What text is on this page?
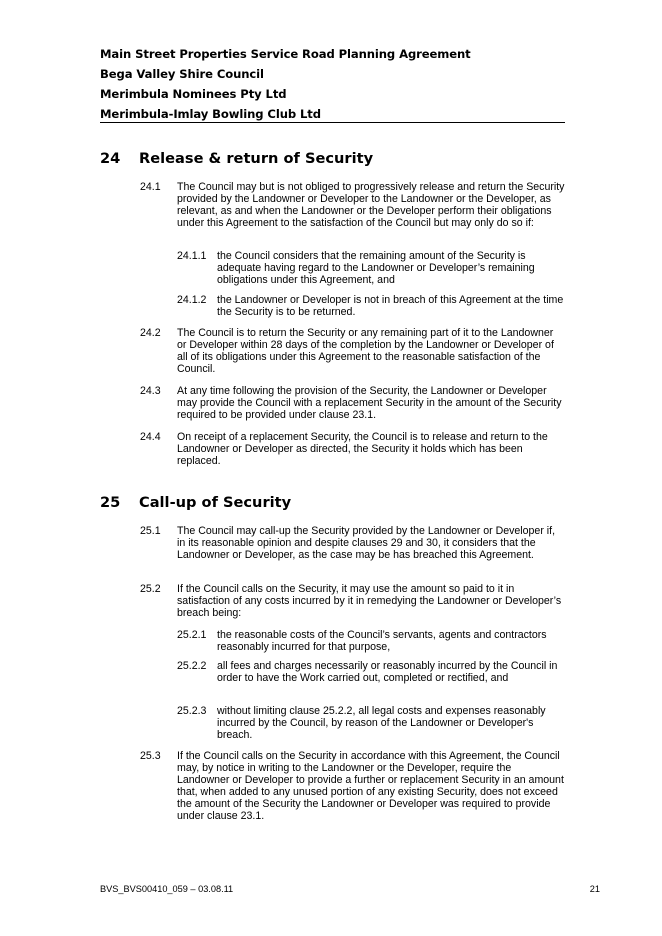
Main Street Properties Service Road Planning Agreement
Bega Valley Shire Council
Merimbula Nominees Pty Ltd
Merimbula-Imlay Bowling Club Ltd
24 Release & return of Security
24.1 The Council may but is not obliged to progressively release and return the Security provided by the Landowner or Developer to the Landowner or the Developer, as relevant, as and when the Landowner or the Developer perform their obligations under this Agreement to the satisfaction of the Council but may only do so if:
24.1.1 the Council considers that the remaining amount of the Security is adequate having regard to the Landowner or Developer’s remaining obligations under this Agreement, and
24.1.2 the Landowner or Developer is not in breach of this Agreement at the time the Security is to be returned.
24.2 The Council is to return the Security or any remaining part of it to the Landowner or Developer within 28 days of the completion by the Landowner or Developer of all of its obligations under this Agreement to the reasonable satisfaction of the Council.
24.3 At any time following the provision of the Security, the Landowner or Developer may provide the Council with a replacement Security in the amount of the Security required to be provided under clause 23.1.
24.4 On receipt of a replacement Security, the Council is to release and return to the Landowner or Developer as directed, the Security it holds which has been replaced.
25 Call-up of Security
25.1 The Council may call-up the Security provided by the Landowner or Developer if, in its reasonable opinion and despite clauses 29 and 30, it considers that the Landowner or Developer, as the case may be has breached this Agreement.
25.2 If the Council calls on the Security, it may use the amount so paid to it in satisfaction of any costs incurred by it in remedying the Landowner or Developer’s breach being:
25.2.1 the reasonable costs of the Council’s servants, agents and contractors reasonably incurred for that purpose,
25.2.2 all fees and charges necessarily or reasonably incurred by the Council in order to have the Work carried out, completed or rectified, and
25.2.3 without limiting clause 25.2.2, all legal costs and expenses reasonably incurred by the Council, by reason of the Landowner or Developer's breach.
25.3 If the Council calls on the Security in accordance with this Agreement, the Council may, by notice in writing to the Landowner or the Developer, require the Landowner or Developer to provide a further or replacement Security in an amount that, when added to any unused portion of any existing Security, does not exceed the amount of the Security the Landowner or Developer was required to provide under clause 23.1.
BVS_BVS00410_059 – 03.08.11	21
